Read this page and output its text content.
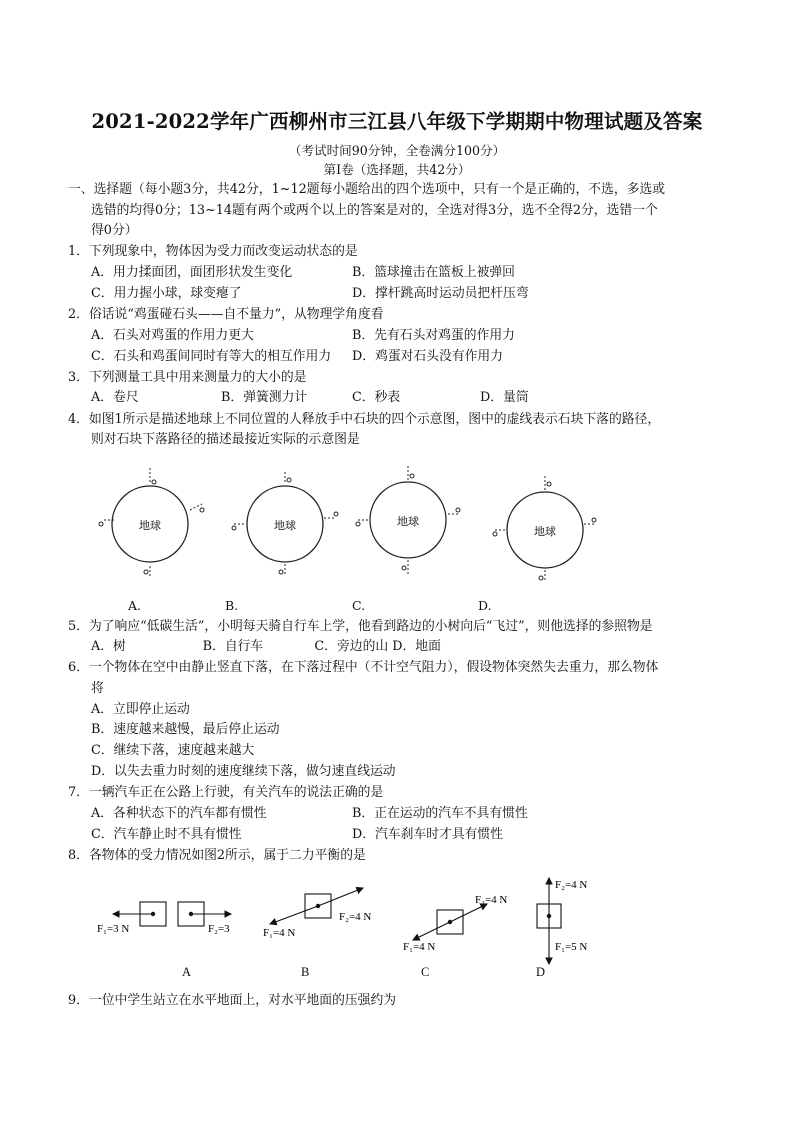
2021-2022学年广西柳州市三江县八年级下学期期中物理试题及答案
（考试时间90分钟，全卷满分100分）
第Ⅰ卷（选择题，共42分）
一、选择题（每小题3分，共42分，1~12题每小题给出的四个选项中，只有一个是正确的，不选，多选或
选错的均得0分；13~14题有两个或两个以上的答案是对的，全选对得3分，选不全得2分，选错一个
得0分）
1．下列现象中，物体因为受力而改变运动状态的是
A．用力揉面团，面团形状发生变化	B．篮球撞击在篮板上被弹回
C．用力握小球，球变瘪了	D．撑杆跳高时运动员把杆压弯
2．俗话说“鸡蛋碰石头——自不量力”，从物理学角度看
A．石头对鸡蛋的作用力更大	B．先有石头对鸡蛋的作用力
C．石头和鸡蛋间同时有等大的相互作用力 D．鸡蛋对石头没有作用力
3．下列测量工具中用来测量力的大小的是
A．卷尺	B．弹簧测力计	C．秒表	D．量筒
4．如图1所示是描述地球上不同位置的人释放手中石块的四个示意图，图中的虚线表示石块下落的路径，
则对石块下落路径的描述最接近实际的示意图是
地球	地球	地球
地球
A.	B.	C.	D.
5．为了响应“低碳生活”，小明每天骑自行车上学，他看到路边的小树向后“飞过”，则他选择的参照物是
A．树　　　　　　B．自行车　　　　C．旁边的山 D．地面
6．一个物体在空中由静止竖直下落，在下落过程中（不计空气阻力），假设物体突然失去重力，那么物体
将
A．立即停止运动
B．速度越来越慢，最后停止运动
C．继续下落，速度越来越大
D．以失去重力时刻的速度继续下落，做匀速直线运动
7．一辆汽车正在公路上行驶，有关汽车的说法正确的是
A．各种状态下的汽车都有惯性	B．正在运动的汽车不具有惯性
C．汽车静止时不具有惯性	D．汽车刹车时才具有惯性
8．各物体的受力情况如图2所示，属于二力平衡的是
F₁=3 N	F₂=3	F₁=4 N
F₂=4 N
F₁=4 N
F₂=4 N
F₂=4 N
F₁=5 N
A	B	C	D
9．一位中学生站立在水平地面上，对水平地面的压强约为
